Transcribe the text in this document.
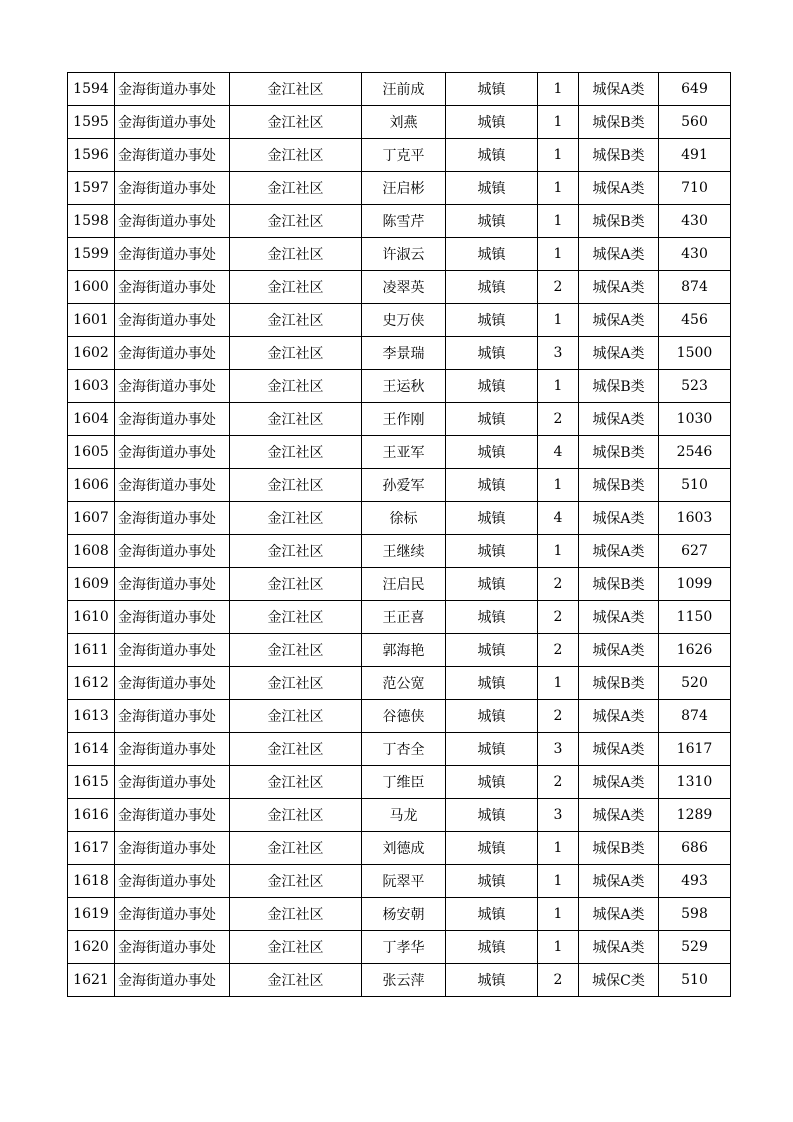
1594	金海街道办事处	金江社区	汪前成	城镇	1	城保A类	649
1595	金海街道办事处	金江社区	刘燕	城镇	1	城保B类	560
1596	金海街道办事处	金江社区	丁克平	城镇	1	城保B类	491
1597	金海街道办事处	金江社区	汪启彬	城镇	1	城保A类	710
1598	金海街道办事处	金江社区	陈雪芹	城镇	1	城保B类	430
1599	金海街道办事处	金江社区	许淑云	城镇	1	城保A类	430
1600	金海街道办事处	金江社区	凌翠英	城镇	2	城保A类	874
1601	金海街道办事处	金江社区	史万侠	城镇	1	城保A类	456
1602	金海街道办事处	金江社区	李景瑞	城镇	3	城保A类	1500
1603	金海街道办事处	金江社区	王运秋	城镇	1	城保B类	523
1604	金海街道办事处	金江社区	王作刚	城镇	2	城保A类	1030
1605	金海街道办事处	金江社区	王亚军	城镇	4	城保B类	2546
1606	金海街道办事处	金江社区	孙爱军	城镇	1	城保B类	510
1607	金海街道办事处	金江社区	徐标	城镇	4	城保A类	1603
1608	金海街道办事处	金江社区	王继续	城镇	1	城保A类	627
1609	金海街道办事处	金江社区	汪启民	城镇	2	城保B类	1099
1610	金海街道办事处	金江社区	王正喜	城镇	2	城保A类	1150
1611	金海街道办事处	金江社区	郭海艳	城镇	2	城保A类	1626
1612	金海街道办事处	金江社区	范公宽	城镇	1	城保B类	520
1613	金海街道办事处	金江社区	谷德侠	城镇	2	城保A类	874
1614	金海街道办事处	金江社区	丁杏全	城镇	3	城保A类	1617
1615	金海街道办事处	金江社区	丁维臣	城镇	2	城保A类	1310
1616	金海街道办事处	金江社区	马龙	城镇	3	城保A类	1289
1617	金海街道办事处	金江社区	刘德成	城镇	1	城保B类	686
1618	金海街道办事处	金江社区	阮翠平	城镇	1	城保A类	493
1619	金海街道办事处	金江社区	杨安朝	城镇	1	城保A类	598
1620	金海街道办事处	金江社区	丁孝华	城镇	1	城保A类	529
1621	金海街道办事处	金江社区	张云萍	城镇	2	城保C类	510
